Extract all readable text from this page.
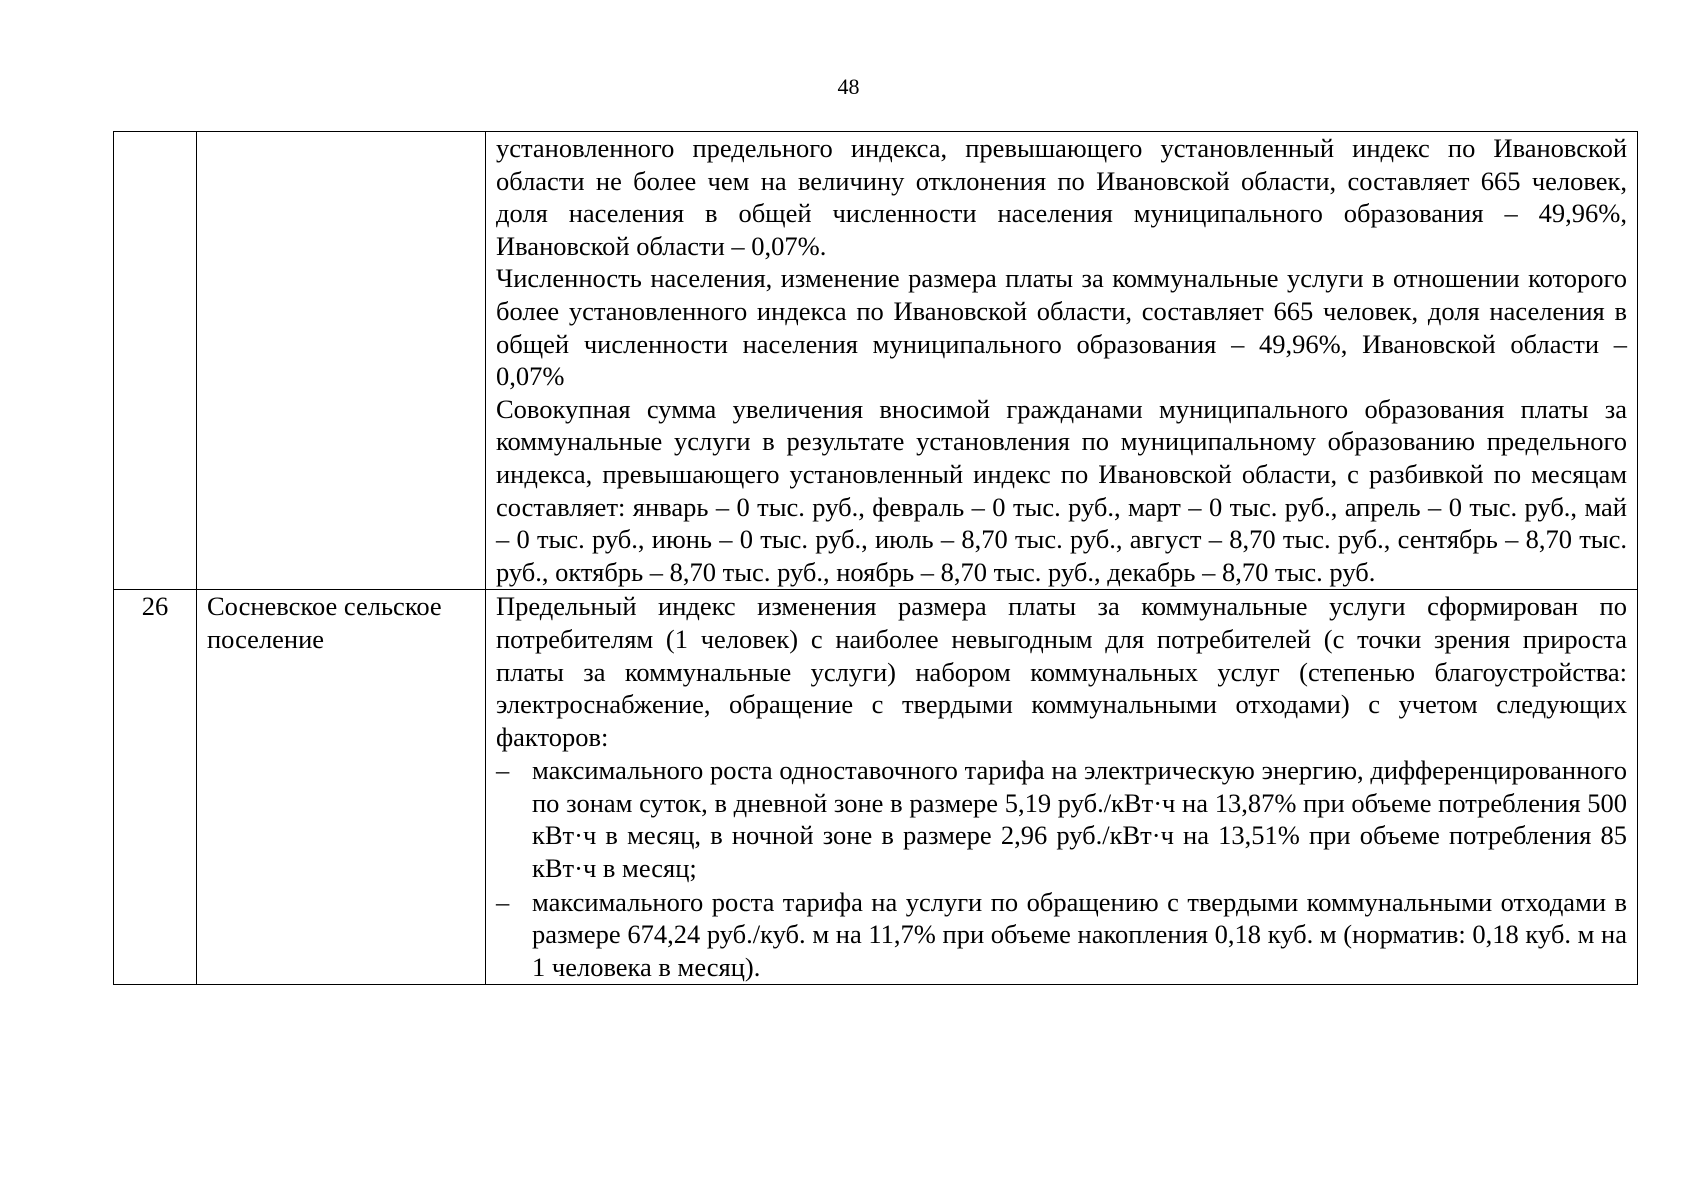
48

		установленного предельного индекса, превышающего установленный индекс по Ивановской области не более чем на величину отклонения по Ивановской области, составляет 665 человек, доля населения в общей численности населения муниципального образования – 49,96%, Ивановской области – 0,07%.

Численность населения, изменение размера платы за коммунальные услуги в отношении которого более установленного индекса по Ивановской области, составляет 665 человек, доля населения в общей численности населения муниципального образования – 49,96%, Ивановской области – 0,07%

Совокупная сумма увеличения вносимой гражданами муниципального образования платы за коммунальные услуги в результате установления по муниципальному образованию предельного индекса, превышающего установленный индекс по Ивановской области, с разбивкой по месяцам составляет: январь – 0 тыс. руб., февраль – 0 тыс. руб., март – 0 тыс. руб., апрель – 0 тыс. руб., май – 0 тыс. руб., июнь – 0 тыс. руб., июль – 8,70 тыс. руб., август – 8,70 тыс. руб., сентябрь – 8,70 тыс. руб., октябрь – 8,70 тыс. руб., ноябрь – 8,70 тыс. руб., декабрь – 8,70 тыс. руб.

26	Сосневское сельское поселение	Предельный индекс изменения размера платы за коммунальные услуги сформирован по потребителям (1 человек) с наиболее невыгодным для потребителей (с точки зрения прироста платы за коммунальные услуги) набором коммунальных услуг (степенью благоустройства: электроснабжение, обращение с твердыми коммунальными отходами) с учетом следующих факторов:

– максимального роста одноставочного тарифа на электрическую энергию, дифференцированного по зонам суток, в дневной зоне в размере 5,19 руб./кВт·ч на 13,87% при объеме потребления 500 кВт·ч в месяц, в ночной зоне в размере 2,96 руб./кВт·ч на 13,51% при объеме потребления 85 кВт·ч в месяц;
– максимального роста тарифа на услуги по обращению с твердыми коммунальными отходами в размере 674,24 руб./куб. м на 11,7% при объеме накопления 0,18 куб. м (норматив: 0,18 куб. м на 1 человека в месяц).
